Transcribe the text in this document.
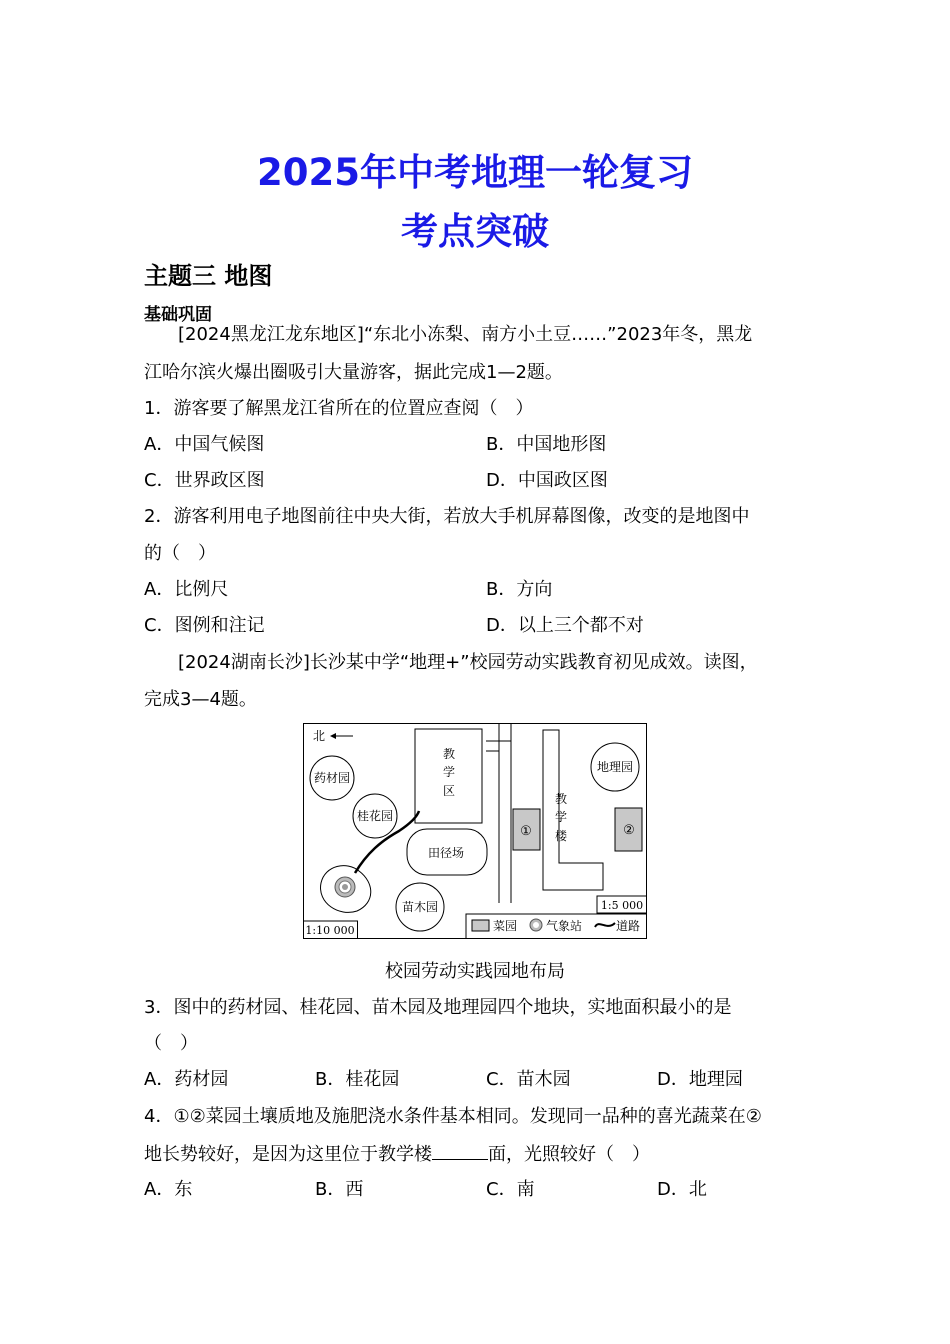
2025年中考地理一轮复习
考点突破
主题三 地图
基础巩固
[2024黑龙江龙东地区]“东北小冻梨、南方小土豆……”2023年冬，黑龙
江哈尔滨火爆出圈吸引大量游客，据此完成1—2题。
1．游客要了解黑龙江省所在的位置应查阅（　）
A．中国气候图	B．中国地形图
C．世界政区图	D．中国政区图
2．游客利用电子地图前往中央大街，若放大手机屏幕图像，改变的是地图中
的（　）
A．比例尺	B．方向
C．图例和注记	D．以上三个都不对
[2024湖南长沙]长沙某中学“地理+”校园劳动实践教育初见成效。读图，
完成3—4题。
北
药材园
桂花园
教
学
区
田径场
苗木园
①
教
学
楼
地理园
②
1:10 000
1:5 000
菜园 气象站	道路
校园劳动实践园地布局
3．图中的药材园、桂花园、苗木园及地理园四个地块，实地面积最小的是
（　）
A．药材园	B．桂花园	C．苗木园	D．地理园
4．①②菜园土壤质地及施肥浇水条件基本相同。发现同一品种的喜光蔬菜在②
地长势较好，是因为这里位于教学楼	面，光照较好（　）
A．东	B．西	C．南	D．北
